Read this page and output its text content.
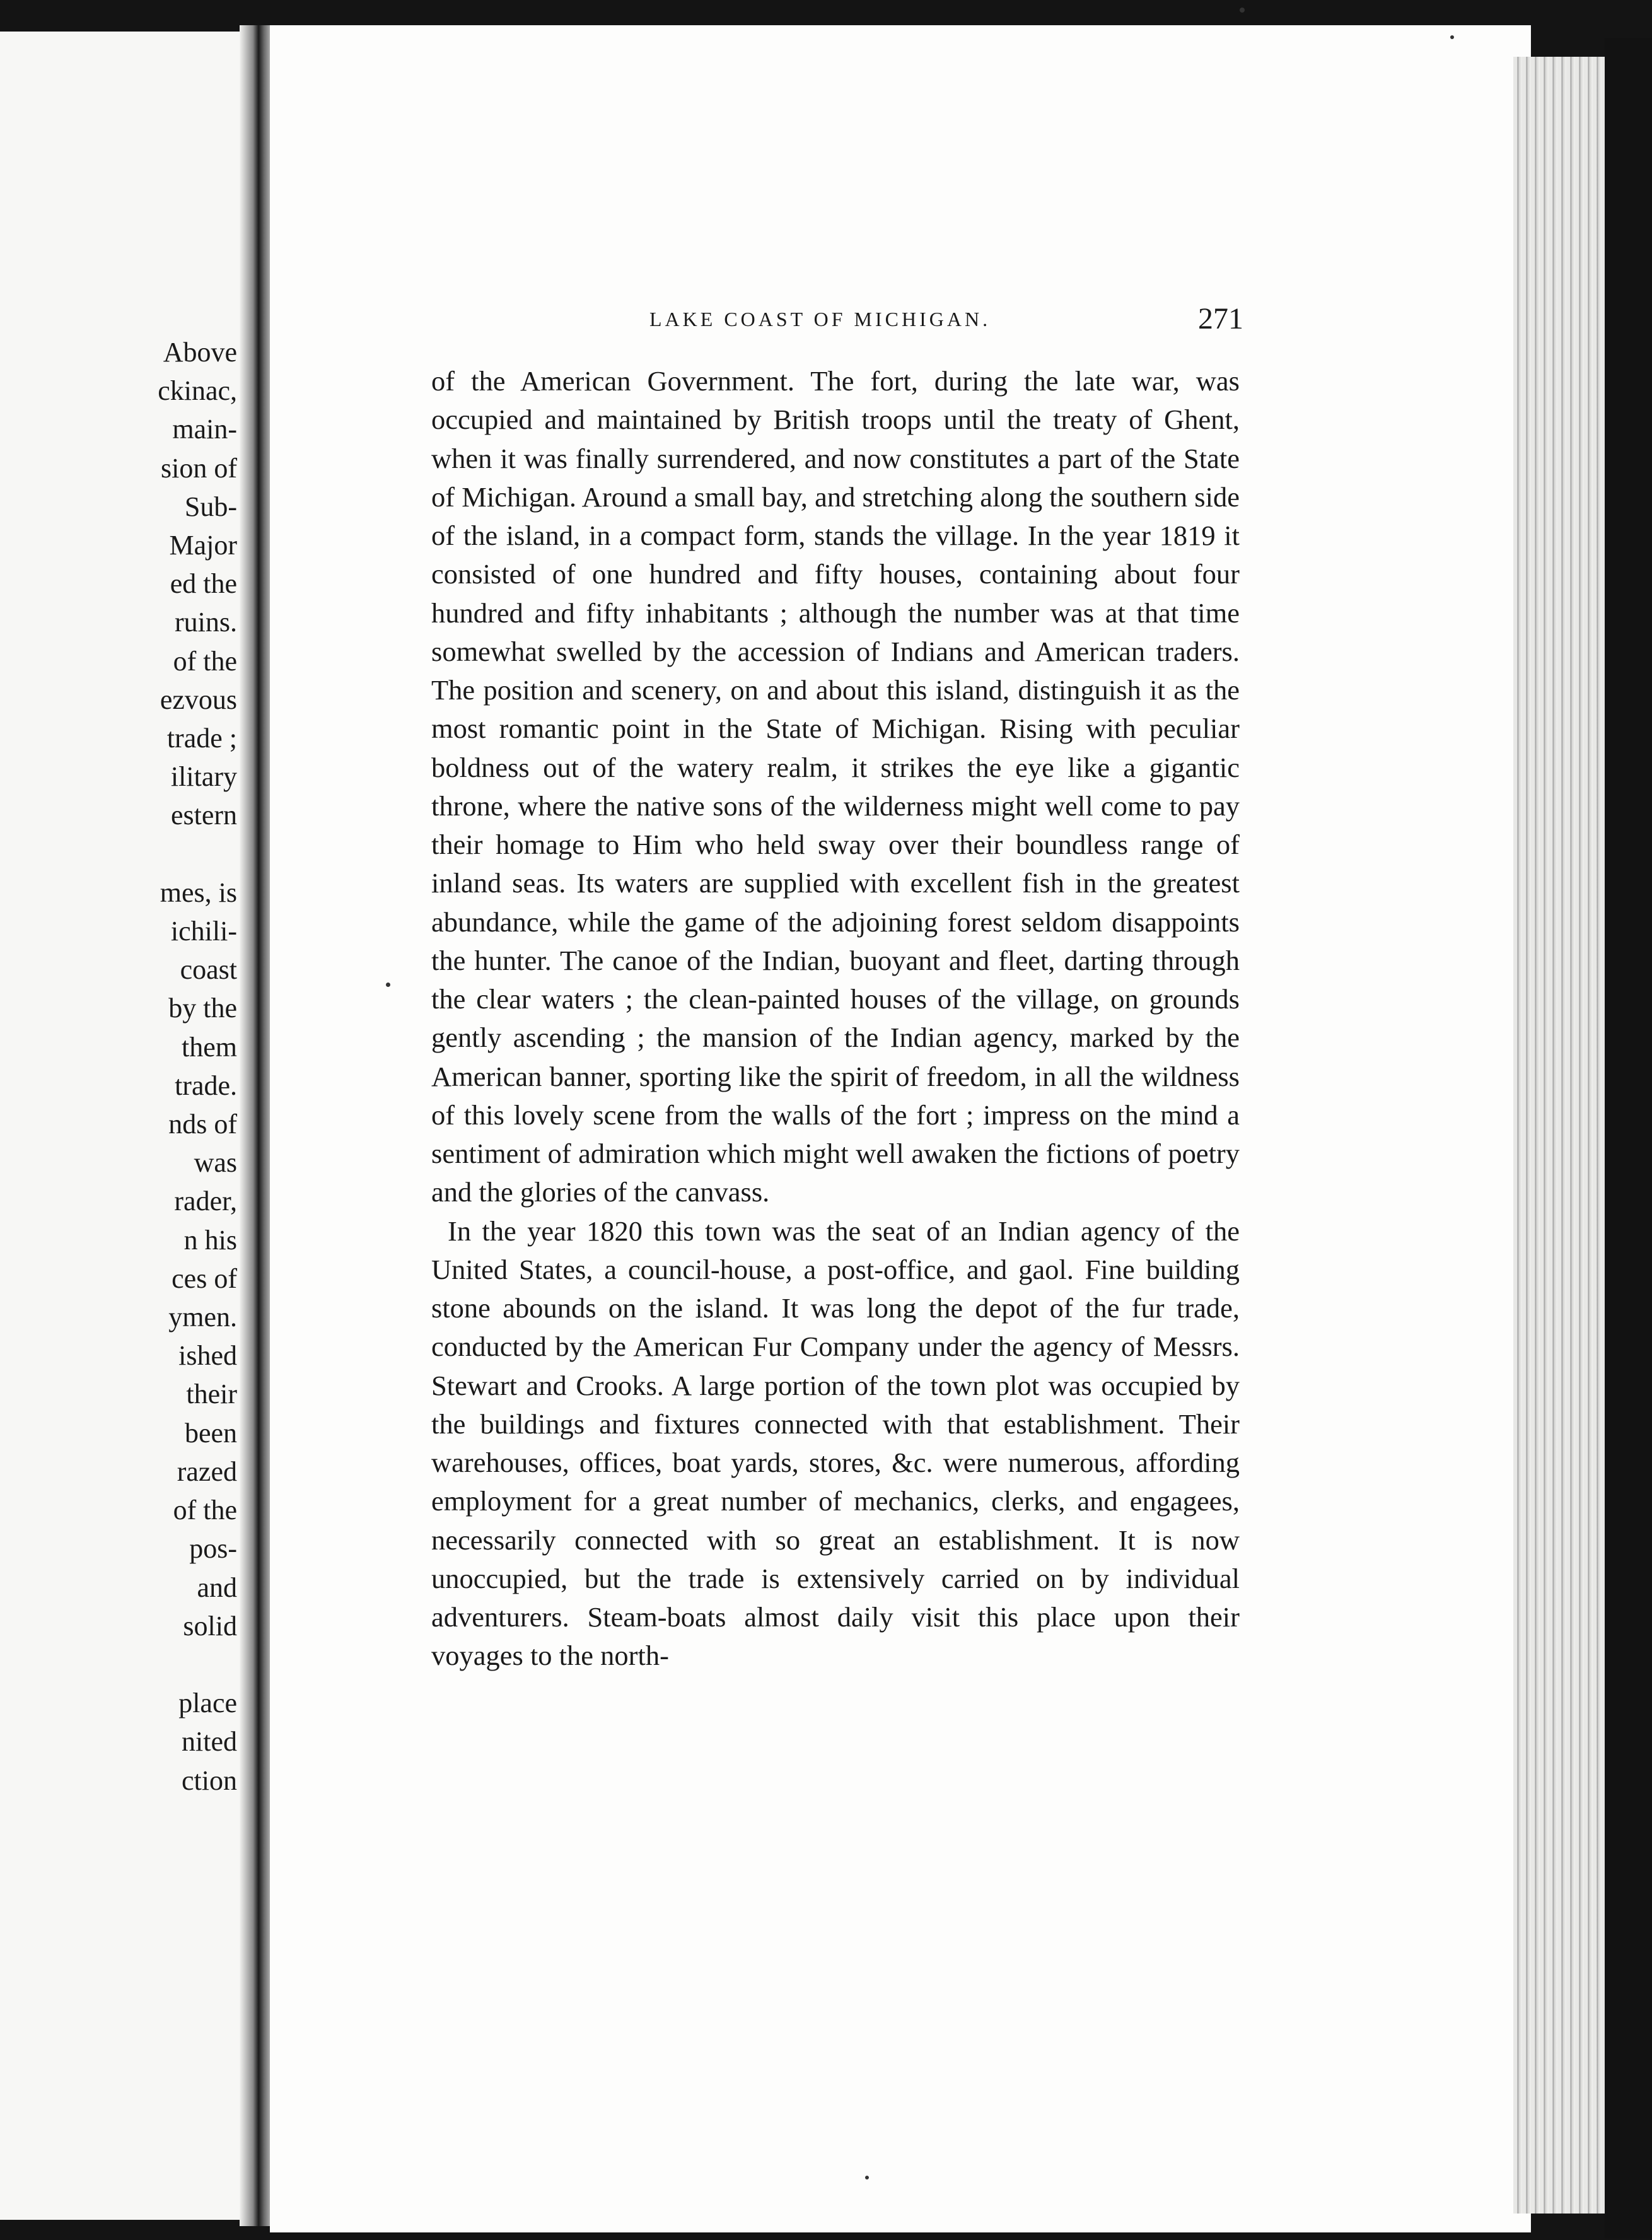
Above
ckinac,
main-
sion of
Sub-
Major
ed the
ruins.
of the
ezvous
trade ;
ilitary
estern

mes, is
ichili-
coast
by the
them
trade.
nds of
was
rader,
n his
ces of
ymen.
ished
their
been
razed
of the
pos-
and
solid

place
nited
ction
LAKE COAST OF MICHIGAN.	271

of the American Government. The fort, during the late war, was occupied and maintained by British troops until the treaty of Ghent, when it was finally surrendered, and now constitutes a part of the State of Michigan. Around a small bay, and stretching along the southern side of the island, in a compact form, stands the village. In the year 1819 it consisted of one hundred and fifty houses, containing about four hundred and fifty inhabitants ; although the number was at that time somewhat swelled by the accession of Indians and American traders. The position and scenery, on and about this island, distinguish it as the most romantic point in the State of Michigan. Rising with peculiar boldness out of the watery realm, it strikes the eye like a gigantic throne, where the native sons of the wilderness might well come to pay their homage to Him who held sway over their boundless range of inland seas. Its waters are supplied with excellent fish in the greatest abundance, while the game of the adjoining forest seldom disappoints the hunter. The canoe of the Indian, buoyant and fleet, darting through the clear waters ; the clean-painted houses of the village, on grounds gently ascending ; the mansion of the Indian agency, marked by the American banner, sporting like the spirit of freedom, in all the wildness of this lovely scene from the walls of the fort ; impress on the mind a sentiment of admiration which might well awaken the fictions of poetry and the glories of the canvass.

In the year 1820 this town was the seat of an Indian agency of the United States, a council-house, a post-office, and gaol. Fine building stone abounds on the island. It was long the depot of the fur trade, conducted by the American Fur Company under the agency of Messrs. Stewart and Crooks. A large portion of the town plot was occupied by the buildings and fixtures connected with that establishment. Their warehouses, offices, boat yards, stores, &c. were numerous, affording employment for a great number of mechanics, clerks, and engagees, necessarily connected with so great an establishment. It is now unoccupied, but the trade is extensively carried on by individual adventurers. Steam-boats almost daily visit this place upon their voyages to the north-
